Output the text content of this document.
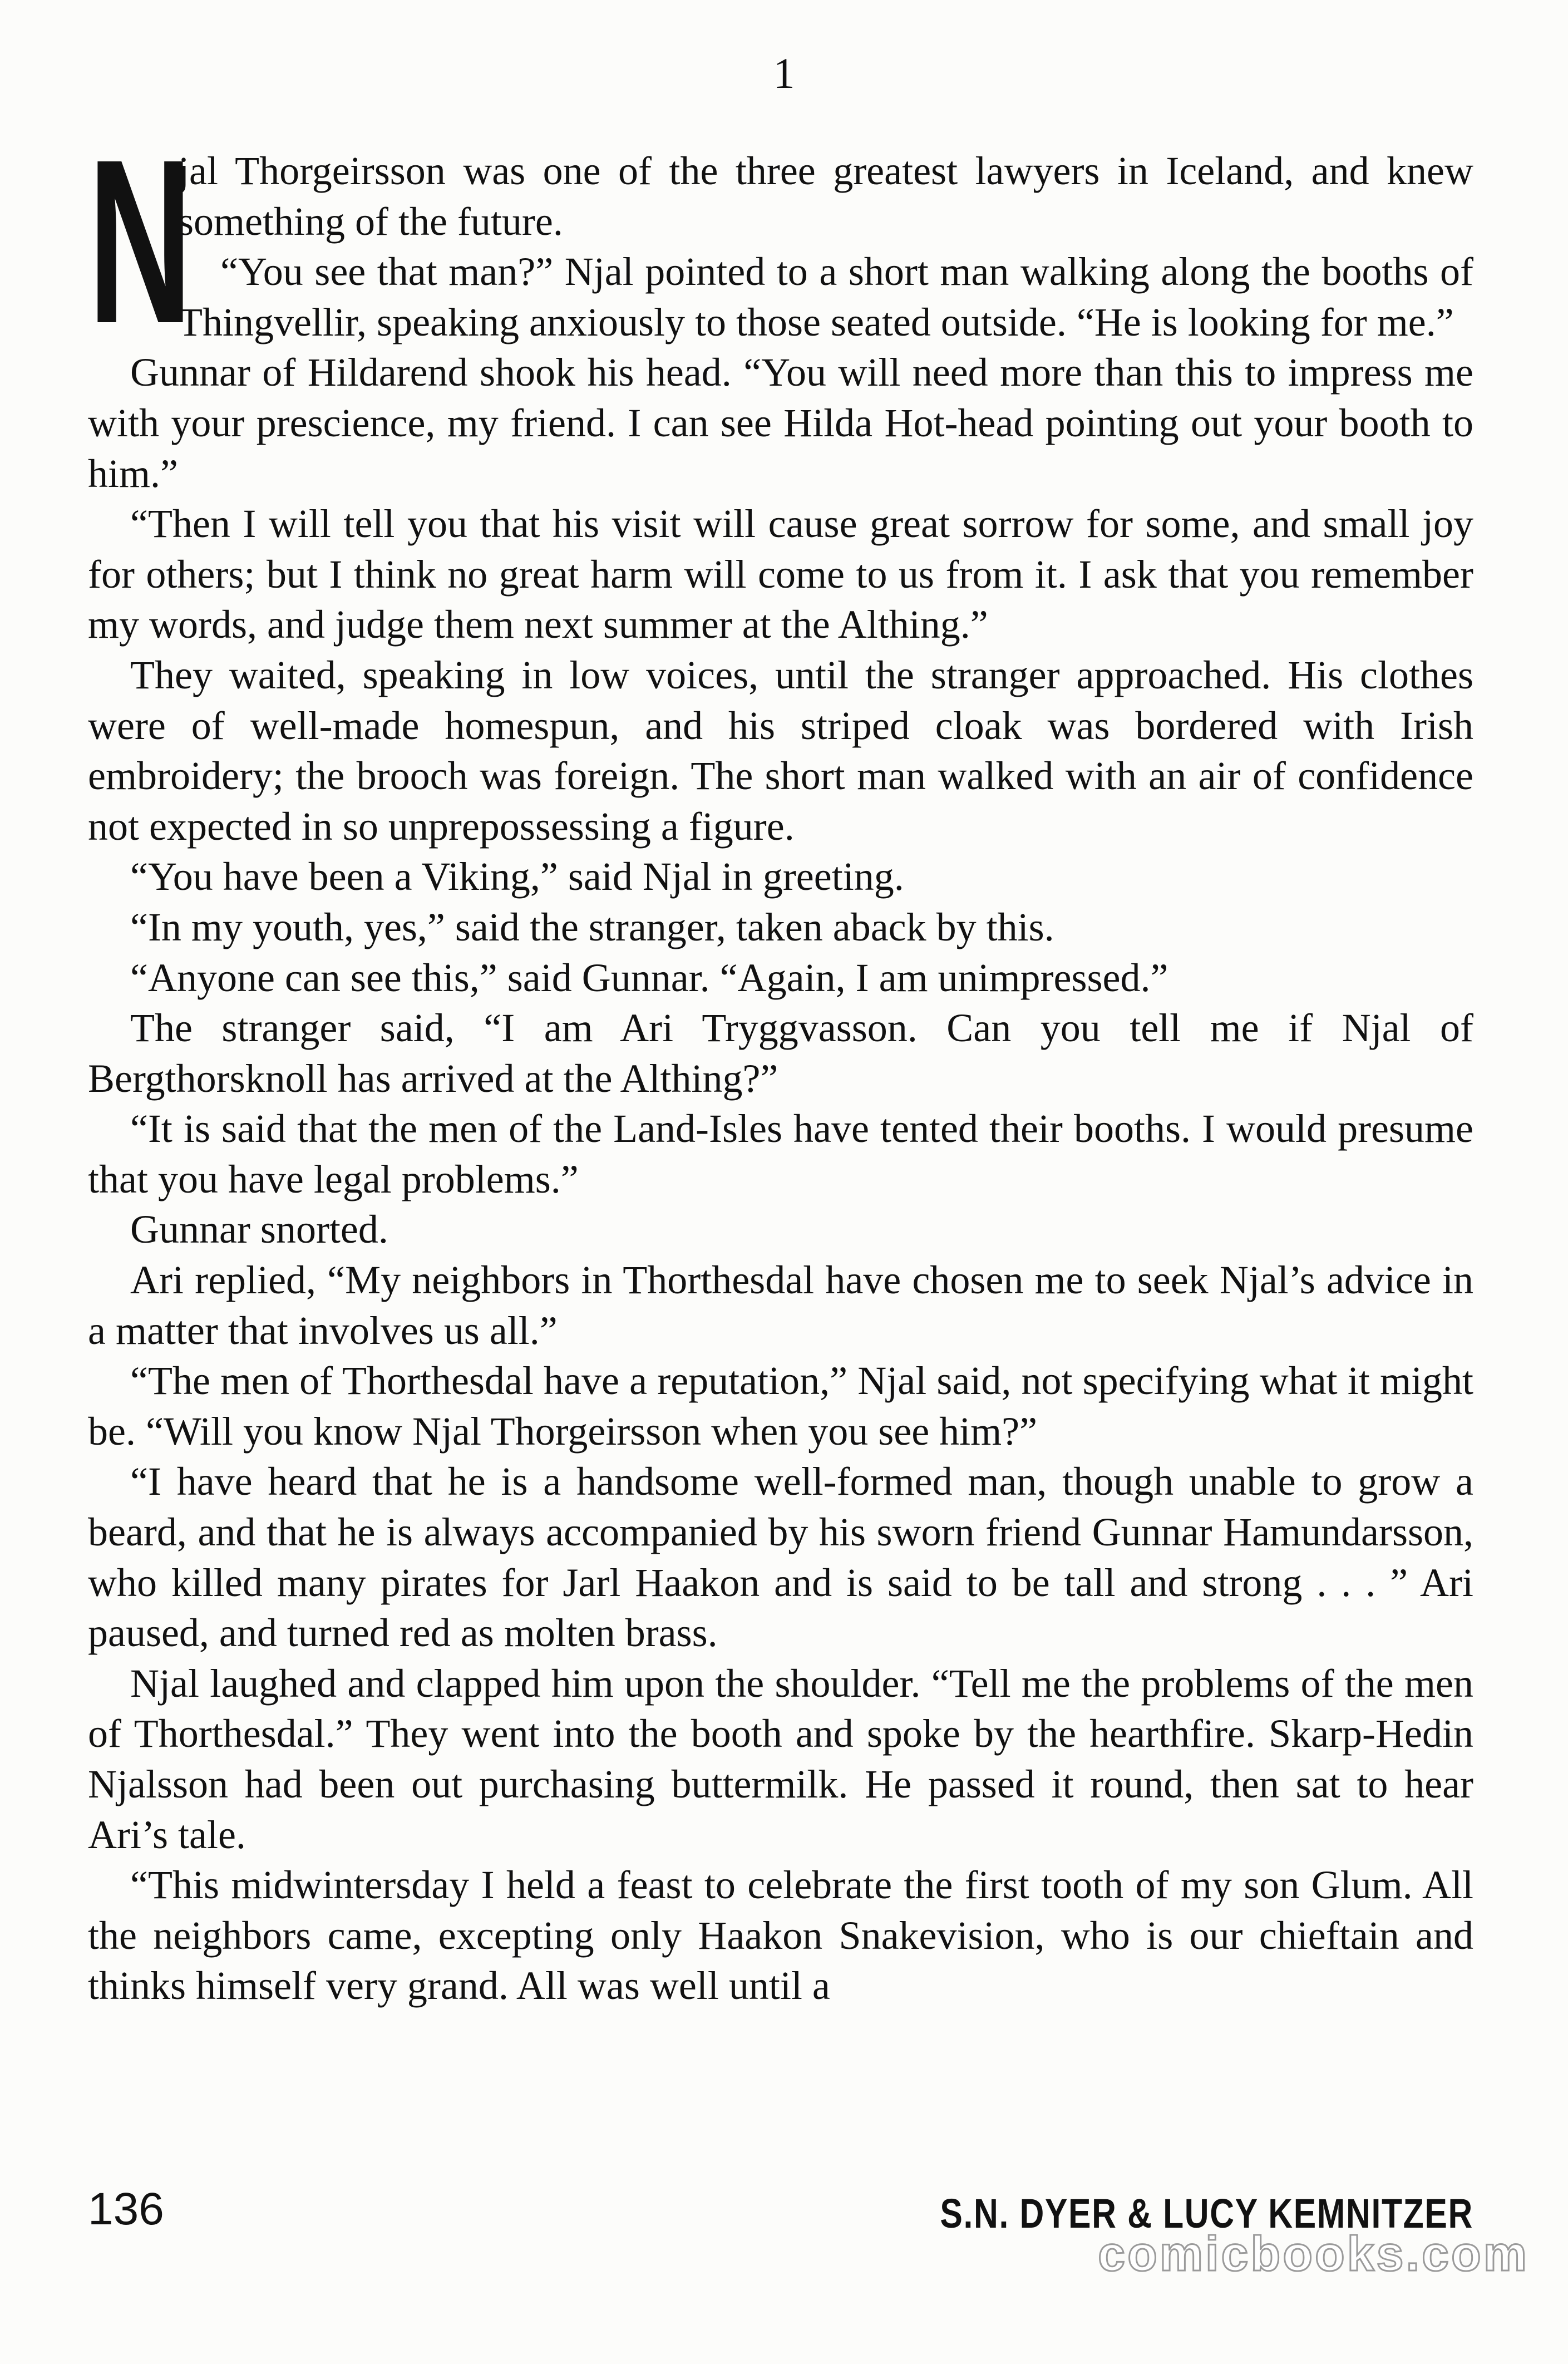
1

N
jal Thorgeirsson was one of the three greatest lawyers in Iceland, and knew something of the future.

“You see that man?” Njal pointed to a short man walking along the booths of Thingvellir, speaking anxiously to those seated outside. “He is looking for me.”

Gunnar of Hildarend shook his head. “You will need more than this to impress me with your prescience, my friend. I can see Hilda Hot-head pointing out your booth to him.”

“Then I will tell you that his visit will cause great sorrow for some, and small joy for others; but I think no great harm will come to us from it. I ask that you remember my words, and judge them next summer at the Althing.”

They waited, speaking in low voices, until the stranger approached. His clothes were of well-made homespun, and his striped cloak was bordered with Irish embroidery; the brooch was foreign. The short man walked with an air of confidence not expected in so unprepossessing a figure.

“You have been a Viking,” said Njal in greeting.

“In my youth, yes,” said the stranger, taken aback by this.

“Anyone can see this,” said Gunnar. “Again, I am unimpressed.”

The stranger said, “I am Ari Tryggvasson. Can you tell me if Njal of Bergthorsknoll has arrived at the Althing?”

“It is said that the men of the Land-Isles have tented their booths. I would presume that you have legal problems.”

Gunnar snorted.

Ari replied, “My neighbors in Thorthesdal have chosen me to seek Njal’s advice in a matter that involves us all.”

“The men of Thorthesdal have a reputation,” Njal said, not specifying what it might be. “Will you know Njal Thorgeirsson when you see him?”

“I have heard that he is a handsome well-formed man, though unable to grow a beard, and that he is always accompanied by his sworn friend Gunnar Hamundarsson, who killed many pirates for Jarl Haakon and is said to be tall and strong . . . ” Ari paused, and turned red as molten brass.

Njal laughed and clapped him upon the shoulder. “Tell me the problems of the men of Thorthesdal.” They went into the booth and spoke by the hearthfire. Skarp-Hedin Njalsson had been out purchasing buttermilk. He passed it round, then sat to hear Ari’s tale.

“This midwintersday I held a feast to celebrate the first tooth of my son Glum. All the neighbors came, excepting only Haakon Snakevision, who is our chieftain and thinks himself very grand. All was well until a

136	S.N. DYER & LUCY KEMNITZER
comicbooks.com
